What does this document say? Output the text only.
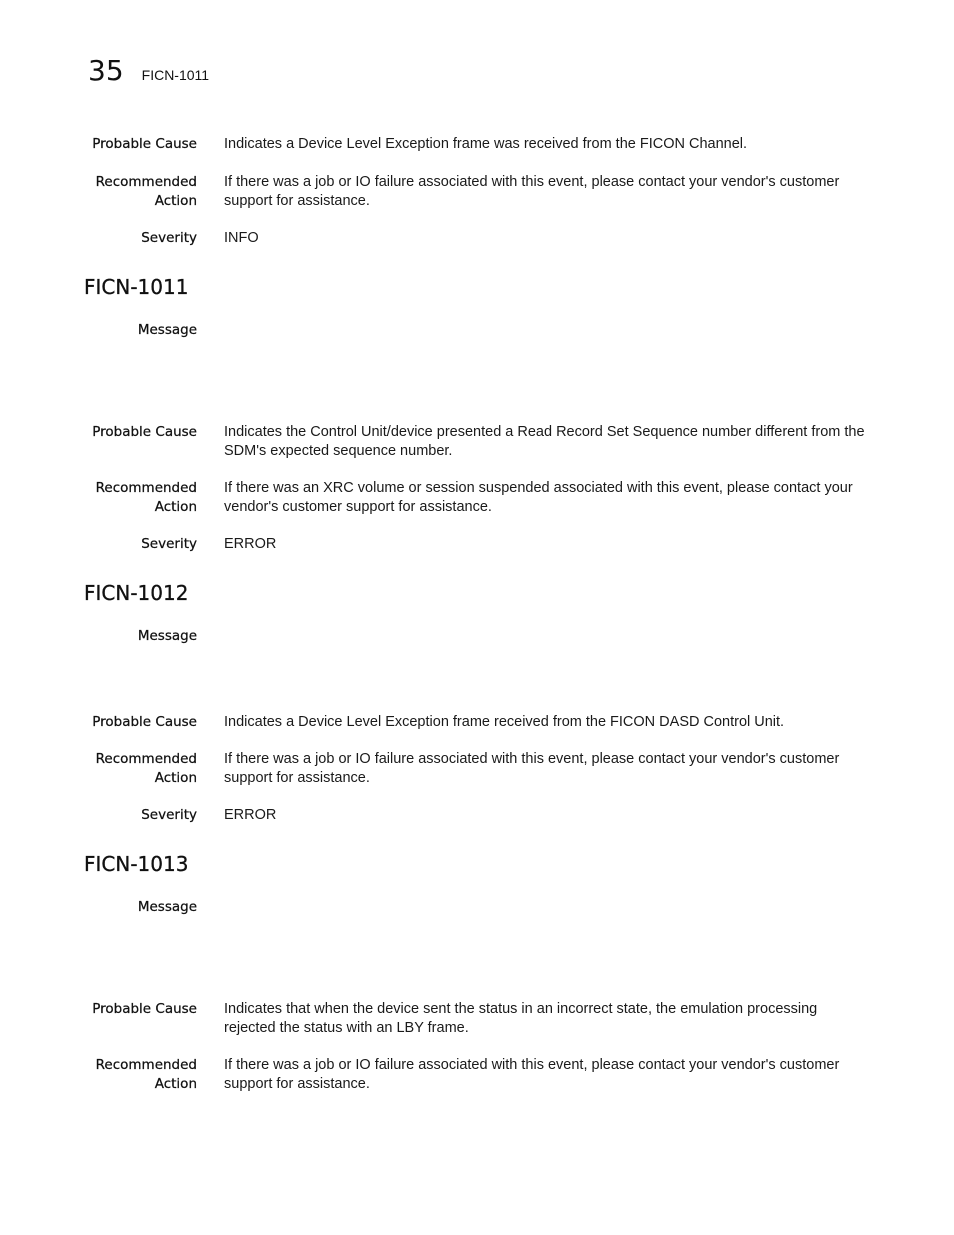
35 FICN-1011
Probable Cause Indicates a Device Level Exception frame was received from the FICON Channel.
Recommended
Action
If there was a job or IO failure associated with this event, please contact your vendor's customer support for assistance.
Severity INFO
FICN-1011
Message
Probable Cause Indicates the Control Unit/device presented a Read Record Set Sequence number different from the SDM's expected sequence number.
Recommended
Action
If there was an XRC volume or session suspended associated with this event, please contact your vendor's customer support for assistance.
Severity ERROR
FICN-1012
Message
Probable Cause Indicates a Device Level Exception frame received from the FICON DASD Control Unit.
Recommended
Action
If there was a job or IO failure associated with this event, please contact your vendor's customer support for assistance.
Severity ERROR
FICN-1013
Message
Probable Cause Indicates that when the device sent the status in an incorrect state, the emulation processing rejected the status with an LBY frame.
Recommended
Action
If there was a job or IO failure associated with this event, please contact your vendor's customer support for assistance.
